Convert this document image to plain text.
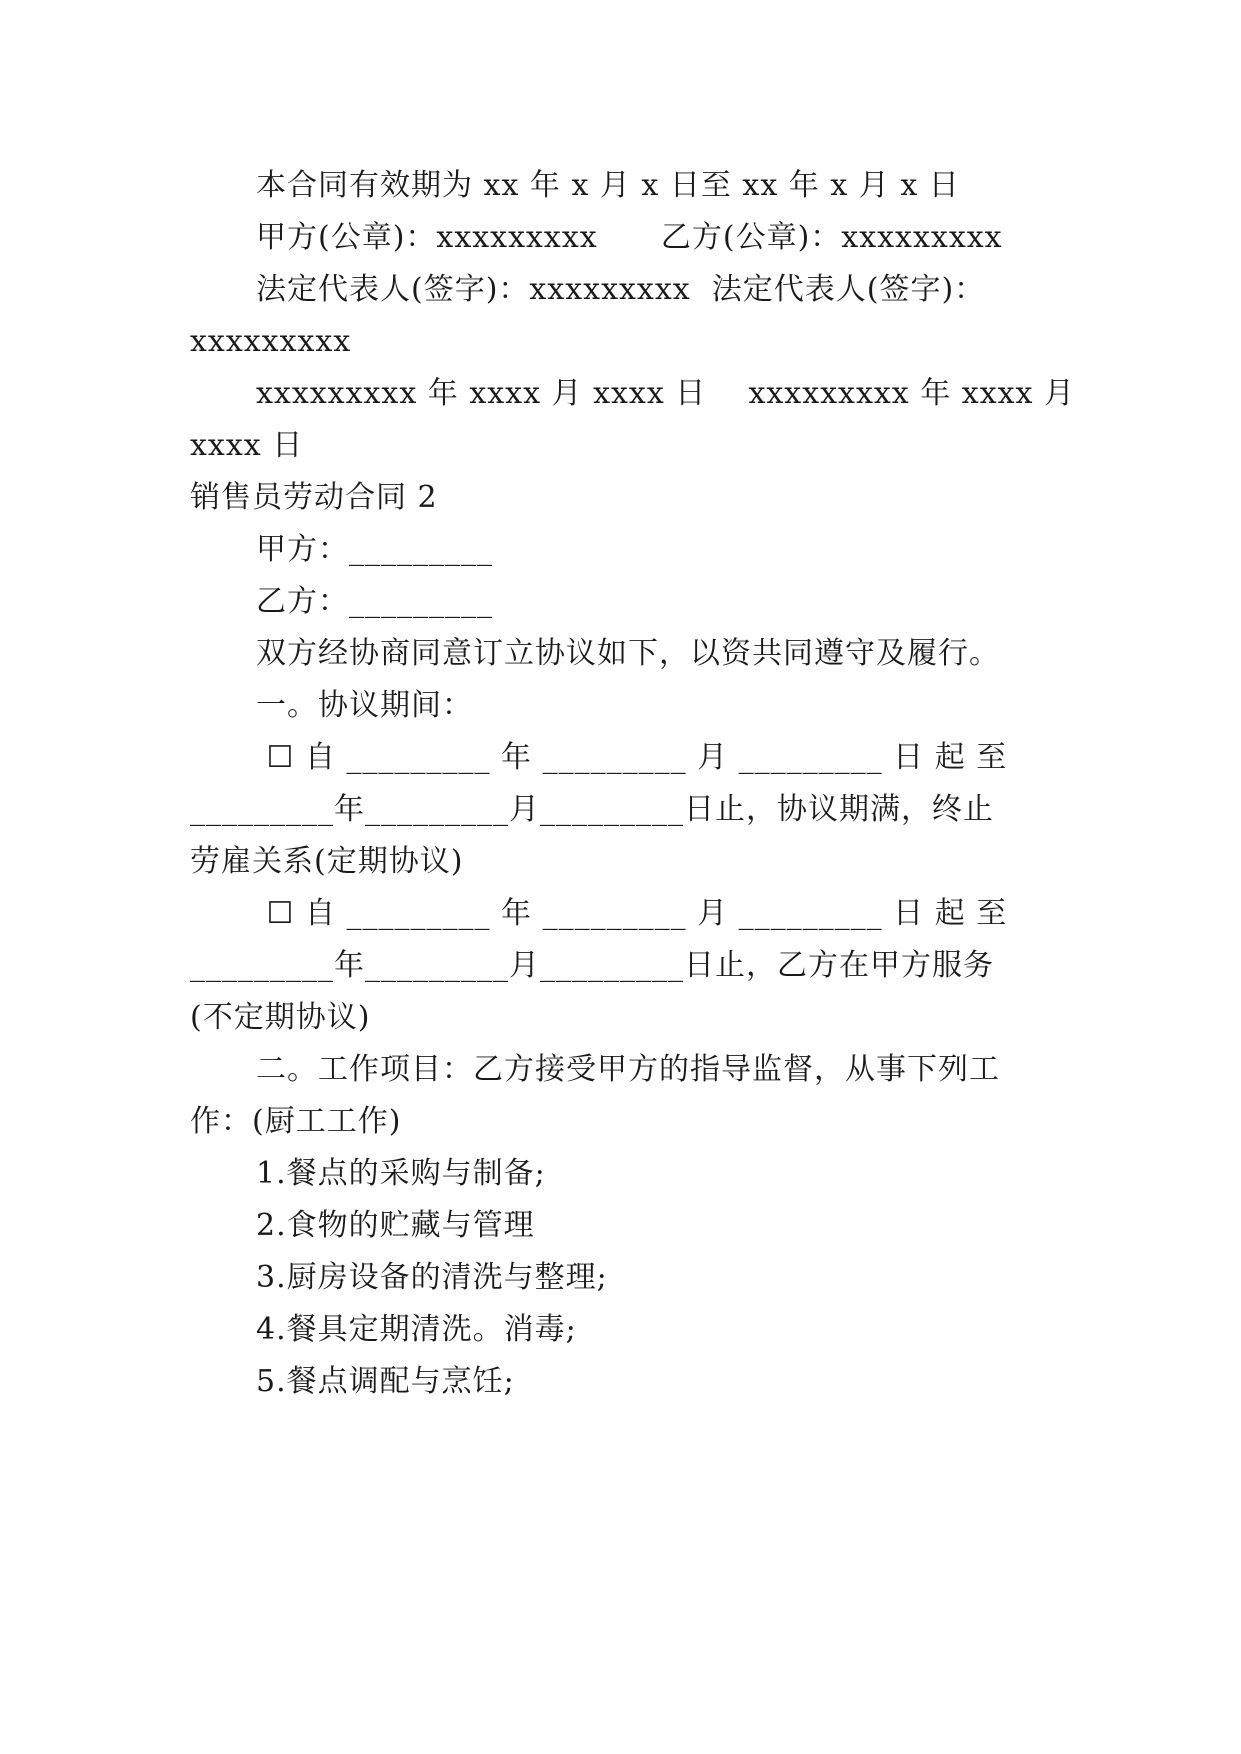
本合同有效期为 xx 年 x 月 x 日至 xx 年 x 月 x 日
甲方(公章)：xxxxxxxxx      乙方(公章)：xxxxxxxxx
法定代表人(签字)：xxxxxxxxx  法定代表人(签字)：
xxxxxxxxx
xxxxxxxxx 年 xxxx 月 xxxx 日    xxxxxxxxx 年 xxxx 月
xxxx 日
销售员劳动合同 2
甲方：_________
乙方：_________
双方经协商同意订立协议如下，以资共同遵守及履行。
一。协议期间：
☐ 自 _________ 年 _________ 月 _________ 日 起 至
_________年_________月_________日止，协议期满，终止
劳雇关系(定期协议)
☐ 自 _________ 年 _________ 月 _________ 日 起 至
_________年_________月_________日止，乙方在甲方服务
(不定期协议)
二。工作项目：乙方接受甲方的指导监督，从事下列工
作：(厨工工作)
1.餐点的采购与制备;
2.食物的贮藏与管理
3.厨房设备的清洗与整理;
4.餐具定期清洗。消毒;
5.餐点调配与烹饪;
